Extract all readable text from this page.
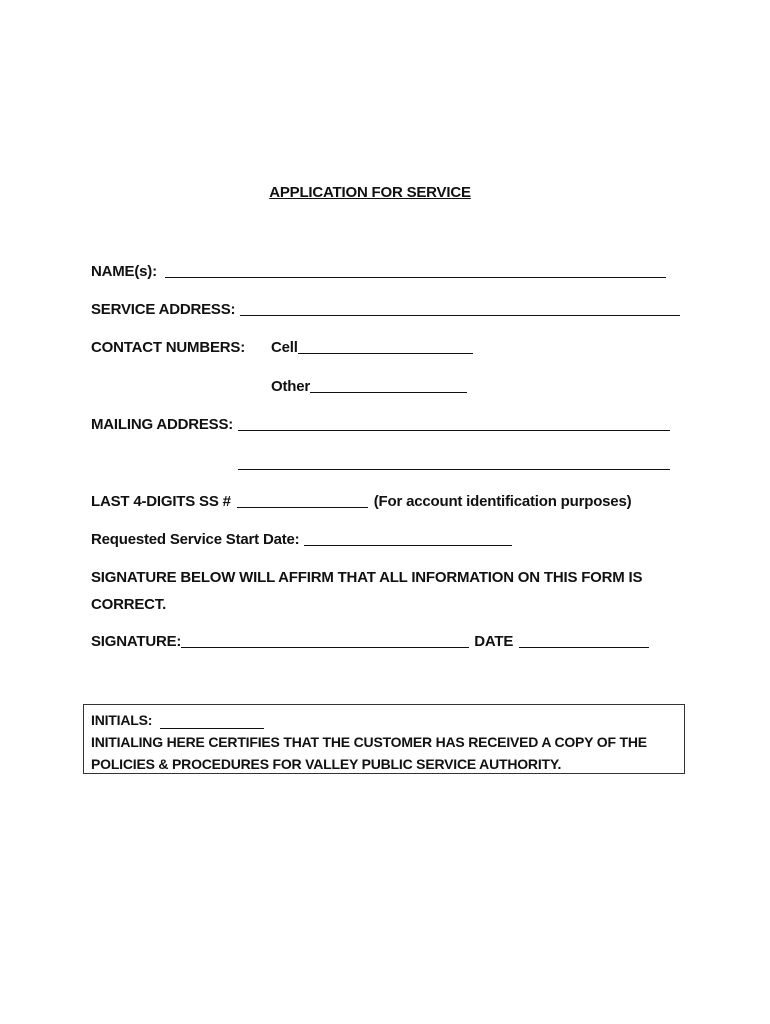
APPLICATION FOR SERVICE
NAME(s):
SERVICE ADDRESS:
CONTACT NUMBERS: Cell
Other
MAILING ADDRESS:
LAST 4-DIGITS SS #	(For account identification purposes)
Requested Service Start Date:
SIGNATURE BELOW WILL AFFIRM THAT ALL INFORMATION ON THIS FORM IS
CORRECT.
SIGNATURE:	DATE
INITIALS:
INITIALING HERE CERTIFIES THAT THE CUSTOMER HAS RECEIVED A COPY OF THE
POLICIES & PROCEDURES FOR VALLEY PUBLIC SERVICE AUTHORITY.
